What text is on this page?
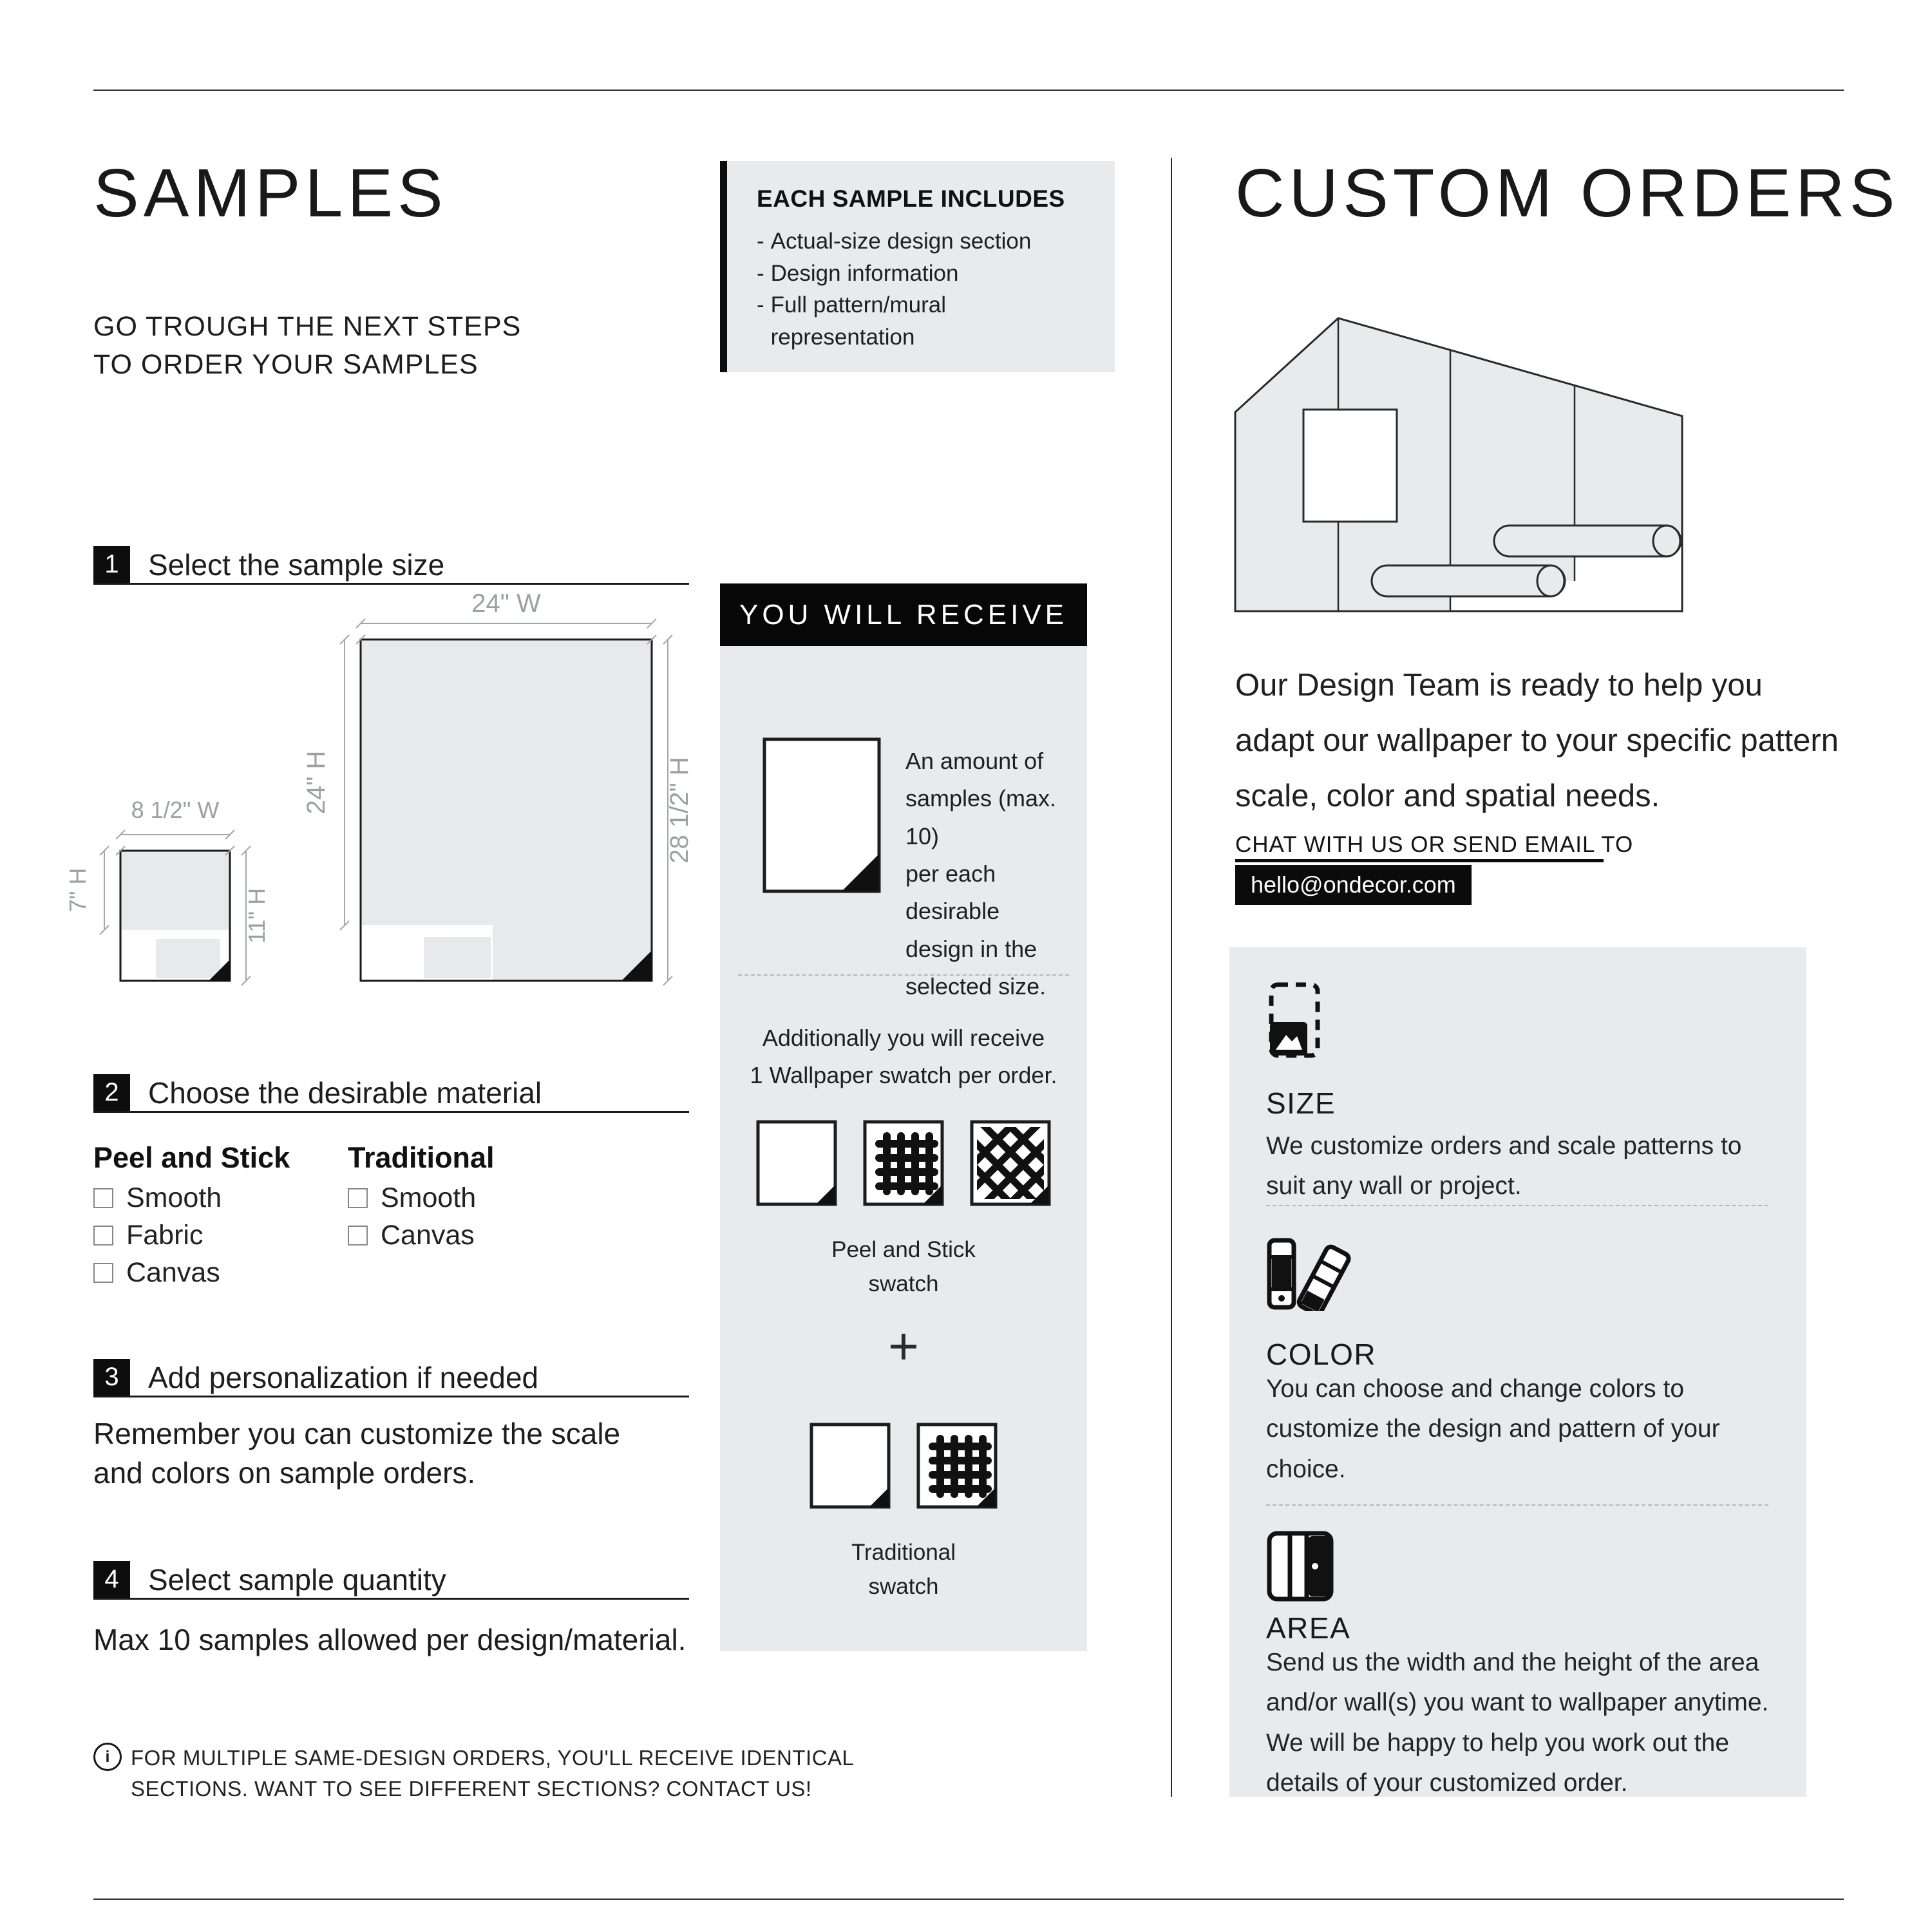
SAMPLES
GO TROUGH THE NEXT STEPS
TO ORDER YOUR SAMPLES
1 Select the sample size
24" W
24" H	28 1/2" H
8 1/2" W
7" H	11" H
2 Choose the desirable material
Peel and Stick Traditional
Smooth
Fabric
Canvas
Smooth
Canvas
3 Add personalization if needed
Remember you can customize the scale and colors on sample orders.
4 Select sample quantity
Max 10 samples allowed per design/material.
i FOR MULTIPLE SAME-DESIGN ORDERS, YOU'LL RECEIVE IDENTICAL
SECTIONS. WANT TO SEE DIFFERENT SECTIONS? CONTACT US!
EACH SAMPLE INCLUDES
- Actual-size design section
- Design information
- Full pattern/mural representation
YOU WILL RECEIVE
An amount of
samples (max. 10)
per each desirable
design in the
selected size.
Additionally you will receive
1 Wallpaper swatch per order.
Peel and Stick
swatch
+
Traditional
swatch
CUSTOM ORDERS
Our Design Team is ready to help you adapt our wallpaper to your specific pattern scale, color and spatial needs.
CHAT WITH US OR SEND EMAIL TO
hello@ondecor.com
SIZE
We customize orders and scale patterns to suit any wall or project.
COLOR
You can choose and change colors to customize the design and pattern of your choice.
AREA
Send us the width and the height of the area and/or wall(s) you want to wallpaper anytime. We will be happy to help you work out the details of your customized order.
